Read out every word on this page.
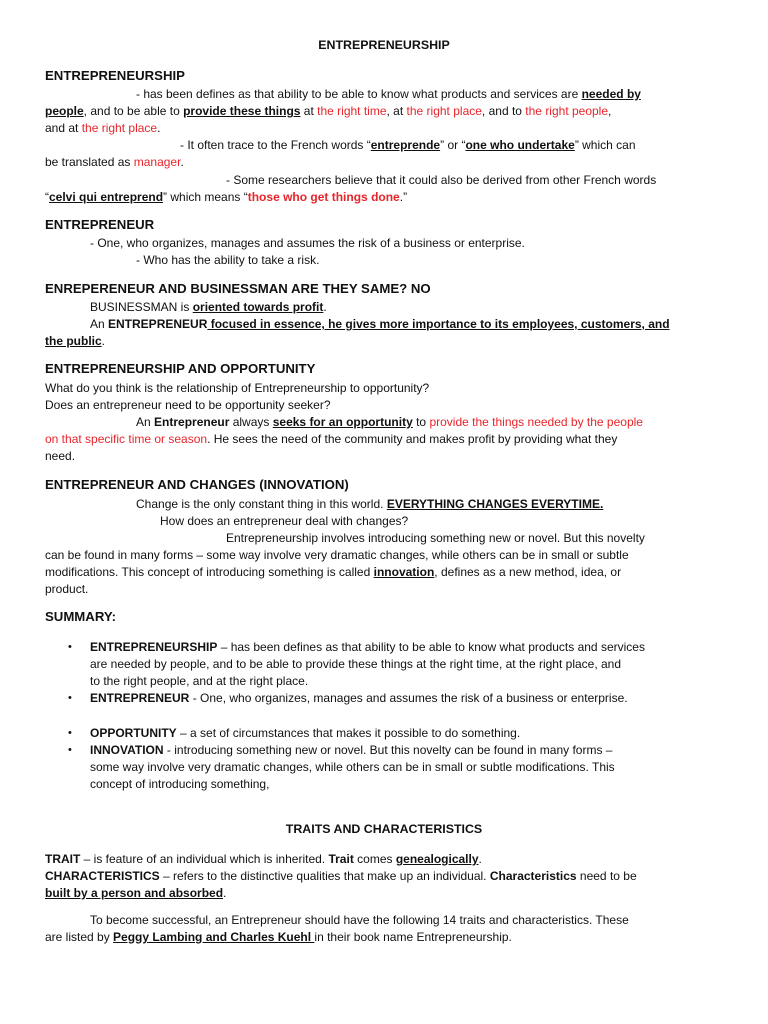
ENTREPRENEURSHIP
ENTREPRENEURSHIP
- has been defines as that ability to be able to know what products and services are needed by
people, and to be able to provide these things at the right time, at the right place, and to the right people,
and at the right place.
- It often trace to the French words “entreprende” or “one who undertake” which can
be translated as manager.
- Some researchers believe that it could also be derived from other French words
“celvi qui entreprend” which means “those who get things done.”
ENTREPRENEUR
- One, who organizes, manages and assumes the risk of a business or enterprise.
- Who has the ability to take a risk.
ENREPERENEUR AND BUSINESSMAN ARE THEY SAME? NO
BUSINESSMAN is oriented towards profit.
An ENTREPRENEUR focused in essence, he gives more importance to its employees, customers, and
the public.
ENTREPRENEURSHIP AND OPPORTUNITY
What do you think is the relationship of Entrepreneurship to opportunity?
Does an entrepreneur need to be opportunity seeker?
An Entrepreneur always seeks for an opportunity to provide the things needed by the people
on that specific time or season. He sees the need of the community and makes profit by providing what they
need.
ENTREPRENEUR AND CHANGES (INNOVATION)
Change is the only constant thing in this world. EVERYTHING CHANGES EVERYTIME.
How does an entrepreneur deal with changes?
Entrepreneurship involves introducing something new or novel. But this novelty
can be found in many forms – some way involve very dramatic changes, while others can be in small or subtle
modifications. This concept of introducing something is called innovation, defines as a new method, idea, or
product.
SUMMARY:
• ENTREPRENEURSHIP – has been defines as that ability to be able to know what products and services
are needed by people, and to be able to provide these things at the right time, at the right place, and
to the right people, and at the right place.
• ENTREPRENEUR - One, who organizes, manages and assumes the risk of a business or enterprise.
• OPPORTUNITY – a set of circumstances that makes it possible to do something.
• INNOVATION - introducing something new or novel. But this novelty can be found in many forms –
some way involve very dramatic changes, while others can be in small or subtle modifications. This
concept of introducing something,
TRAITS AND CHARACTERISTICS
TRAIT – is feature of an individual which is inherited. Trait comes genealogically.
CHARACTERISTICS – refers to the distinctive qualities that make up an individual. Characteristics need to be
built by a person and absorbed.
To become successful, an Entrepreneur should have the following 14 traits and characteristics. These
are listed by Peggy Lambing and Charles Kuehl in their book name Entrepreneurship.
